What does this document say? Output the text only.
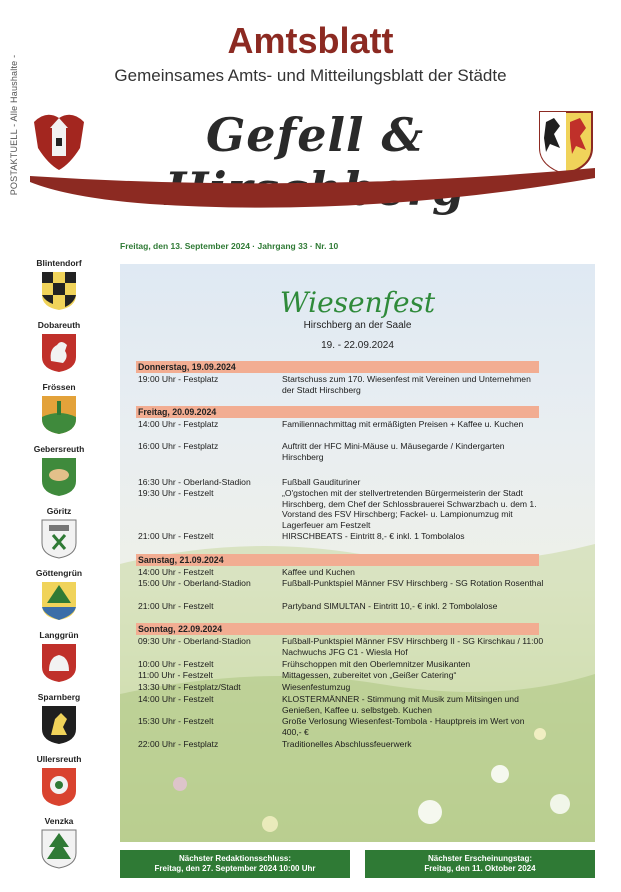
POSTAKTUELL - Alle Haushalte -
Amtsblatt
Gemeinsames Amts- und Mitteilungsblatt der Städte
Gefell &
Freitag, den 13. September 2024 · Jahrgang 33 · Nr. 10
Blintendorf
Dobareuth
Frössen
Gebersreuth
Göritz
Göttengrün
Langgrün
Sparnberg
Ullersreuth
Venzka
Wiesenfest
Hirschberg an der Saale
19. - 22.09.2024
Donnerstag, 19.09.2024
19:00 Uhr - Festplatz	Startschuss zum 170. Wiesenfest mit Vereinen und Unternehmen der Stadt Hirschberg
Freitag, 20.09.2024
14:00 Uhr - Festplatz	Familiennachmittag mit ermäßigten Preisen + Kaffee u. Kuchen
16:00 Uhr - Festplatz	Auftritt der HFC Mini-Mäuse u. Mäusegarde / Kindergarten Hirschberg
16:30 Uhr - Oberland-Stadion	Fußball Gaudituriner
19:30 Uhr - Festzelt	„O'gstochen mit der stellvertretenden Bürgermeisterin der Stadt Hirschberg, dem Chef der Schlossbrauerei Schwarzbach u. dem 1. Vorstand des FSV Hirschberg; Fackel- u. Lampionumzug mit Lagerfeuer am Festzelt
21:00 Uhr - Festzelt	HIRSCHBEATS - Eintritt 8,- € inkl. 1 Tombolalos
Samstag, 21.09.2024
14:00 Uhr - Festzelt	Kaffee und Kuchen
15:00 Uhr - Oberland-Stadion	Fußball-Punktspiel Männer FSV Hirschberg - SG Rotation Rosenthal
21:00 Uhr - Festzelt	Partyband SIMULTAN - Eintritt 10,- € inkl. 2 Tombolalose
Sonntag, 22.09.2024
09:30 Uhr - Oberland-Stadion	Fußball-Punktspiel Männer FSV Hirschberg II - SG Kirschkau / 11:00 Nachwuchs JFG C1 - Wiesla Hof
10:00 Uhr - Festzelt	Frühschoppen mit den Oberlemnitzer Musikanten
11:00 Uhr - Festzelt	Mittagessen, zubereitet von „Geißer Catering“
13:30 Uhr - Festplatz/Stadt	Wiesenfestumzug
14:00 Uhr - Festzelt	KLOSTERMÄNNER - Stimmung mit Musik zum Mitsingen und Genießen, Kaffee u. selbstgeb. Kuchen
15:30 Uhr - Festzelt	Große Verlosung Wiesenfest-Tombola - Hauptpreis im Wert von 400,- €
22:00 Uhr - Festplatz	Traditionelles Abschlussfeuerwerk
Nächster Redaktionsschluss:
Freitag, den 27. September 2024 10:00 Uhr
Nächster Erscheinungstag:
Freitag, den 11. Oktober 2024
